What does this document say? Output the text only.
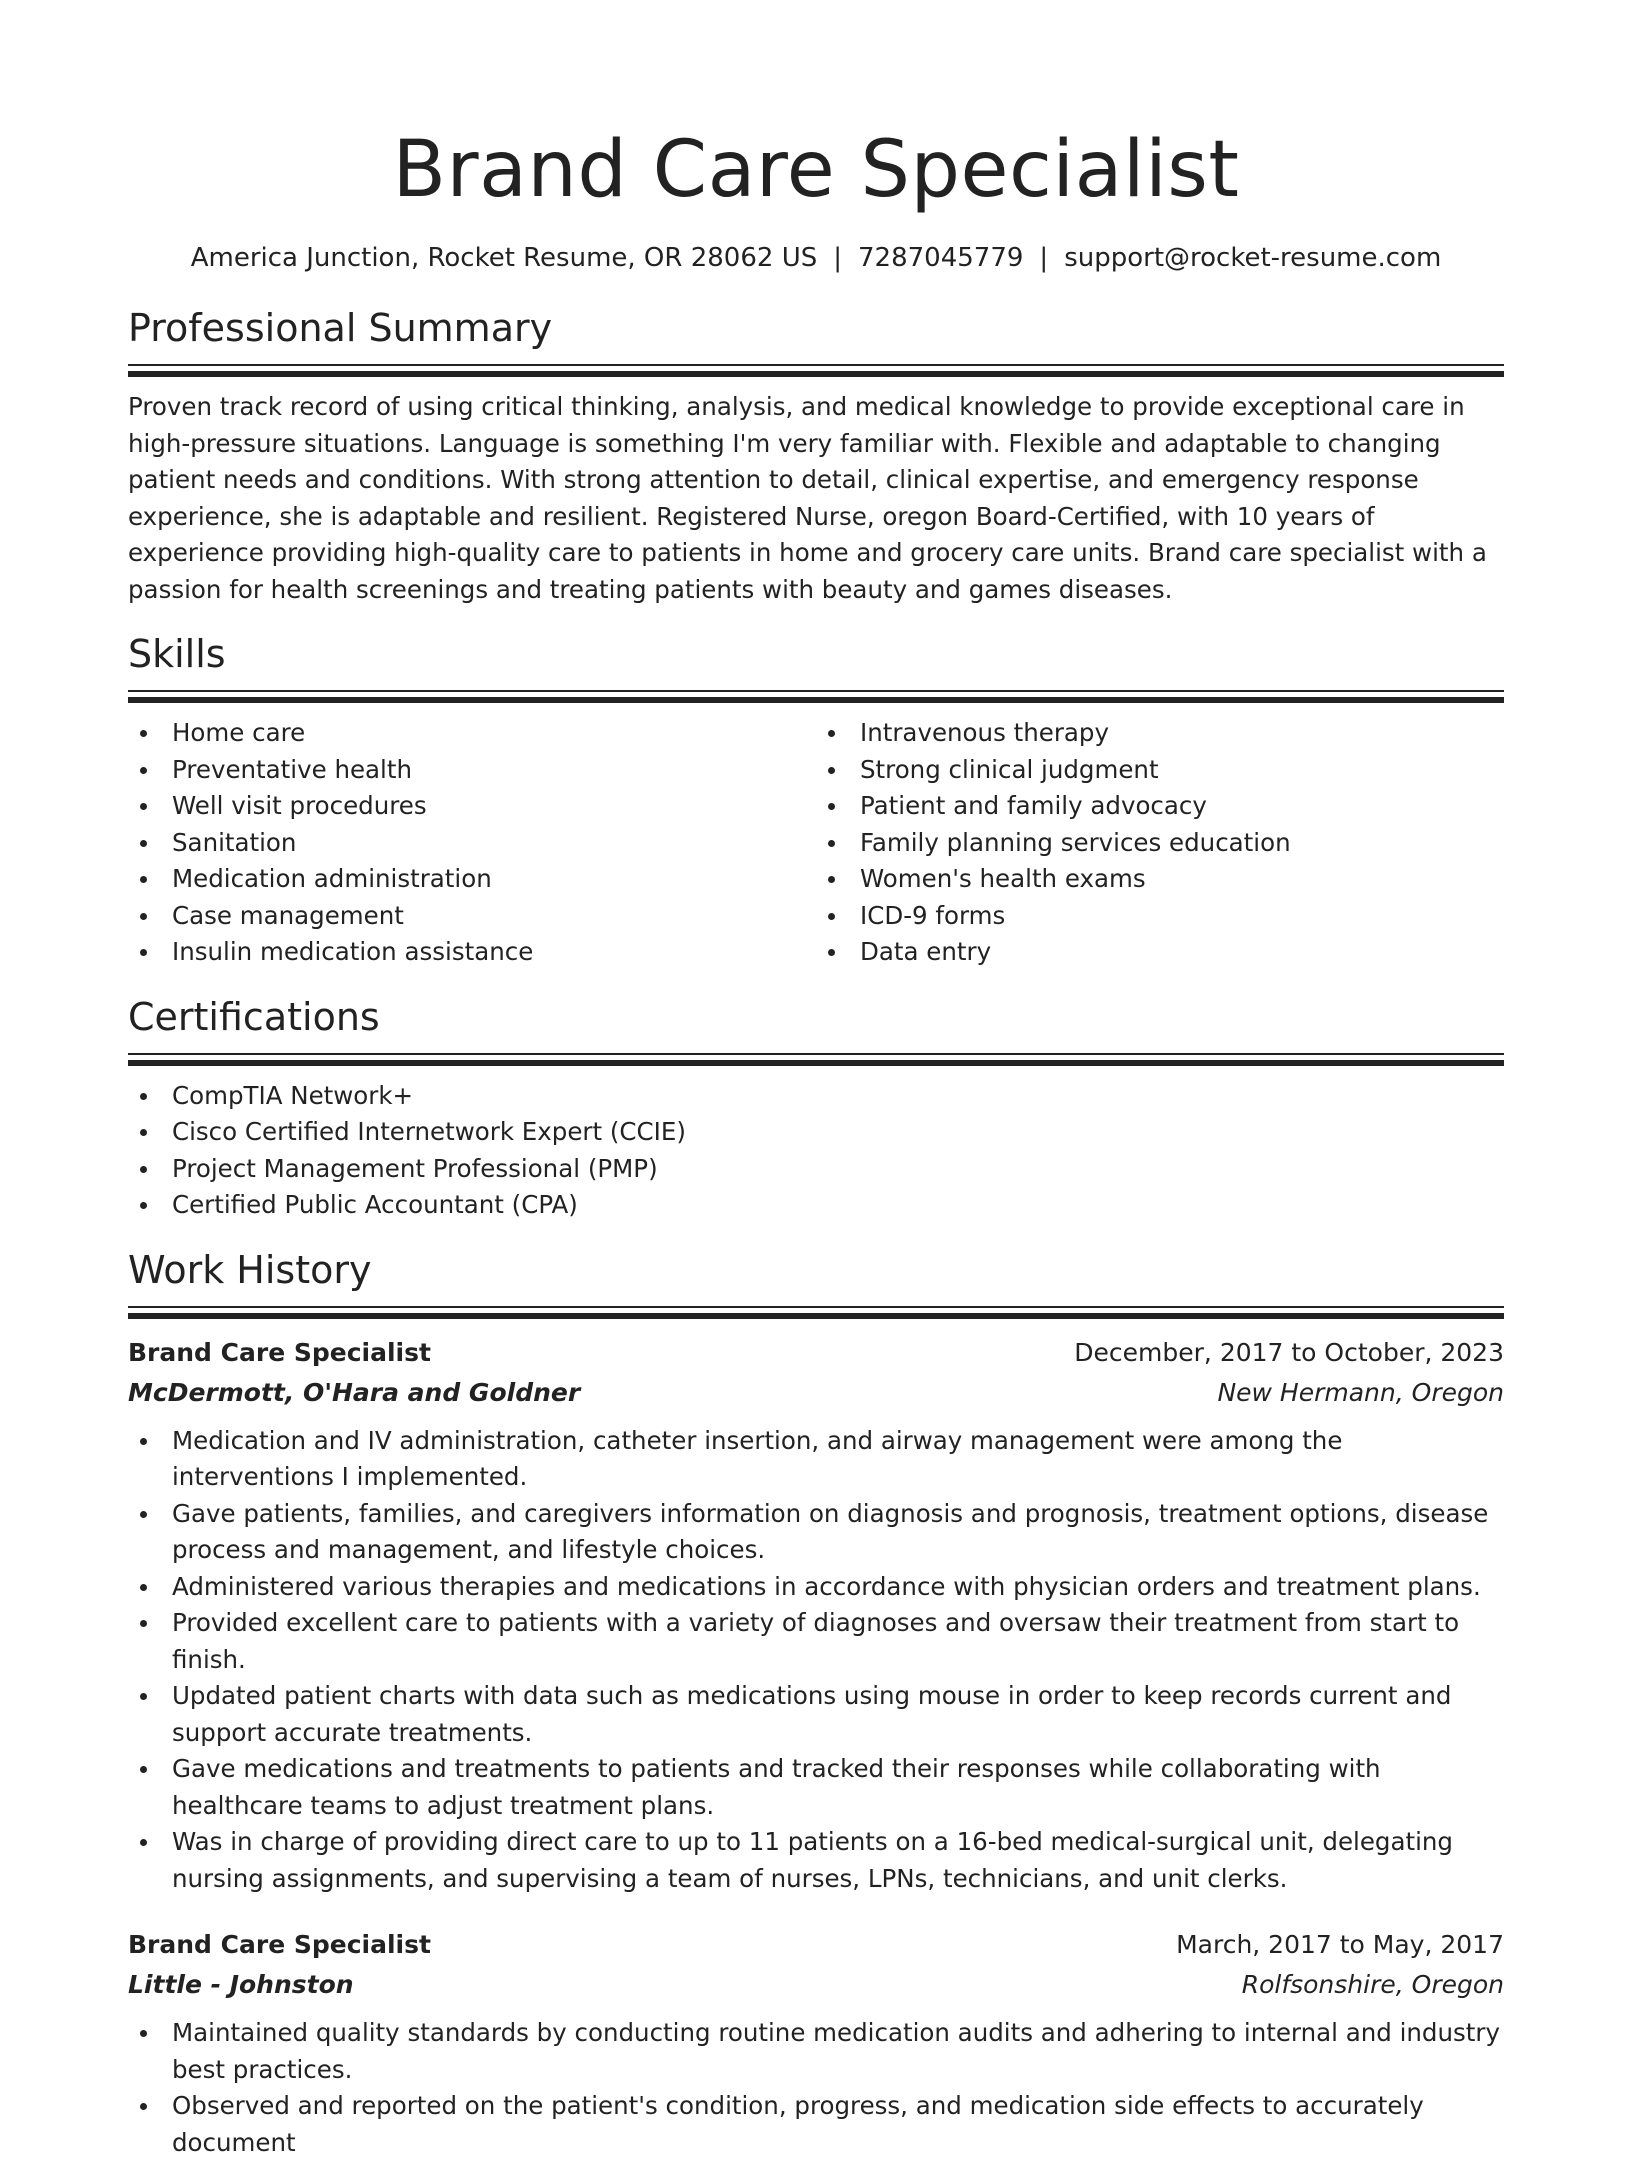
Brand Care Specialist
America Junction, Rocket Resume, OR 28062 US | 7287045779 | support@rocket-resume.com
Professional Summary

Proven track record of using critical thinking, analysis, and medical knowledge to provide exceptional care in high-pressure situations. Language is something I'm very familiar with. Flexible and adaptable to changing patient needs and conditions. With strong attention to detail, clinical expertise, and emergency response experience, she is adaptable and resilient. Registered Nurse, oregon Board-Certified, with 10 years of experience providing high-quality care to patients in home and grocery care units. Brand care specialist with a passion for health screenings and treating patients with beauty and games diseases.

Skills
Home care
Preventative health
Well visit procedures
Sanitation
Medication administration
Case management
Insulin medication assistance
Intravenous therapy
Strong clinical judgment
Patient and family advocacy
Family planning services education
Women's health exams
ICD-9 forms
Data entry
Certifications
CompTIA Network+
Cisco Certified Internetwork Expert (CCIE)
Project Management Professional (PMP)
Certified Public Accountant (CPA)
Work History
Brand Care Specialist	December, 2017 to October, 2023
McDermott, O'Hara and Goldner	New Hermann, Oregon
Medication and IV administration, catheter insertion, and airway management were among the interventions I implemented.
Gave patients, families, and caregivers information on diagnosis and prognosis, treatment options, disease process and management, and lifestyle choices.
Administered various therapies and medications in accordance with physician orders and treatment plans.
Provided excellent care to patients with a variety of diagnoses and oversaw their treatment from start to finish.
Updated patient charts with data such as medications using mouse in order to keep records current and support accurate treatments.
Gave medications and treatments to patients and tracked their responses while collaborating with healthcare teams to adjust treatment plans.
Was in charge of providing direct care to up to 11 patients on a 16-bed medical-surgical unit, delegating nursing assignments, and supervising a team of nurses, LPNs, technicians, and unit clerks.
Brand Care Specialist	March, 2017 to May, 2017
Little - Johnston	Rolfsonshire, Oregon
Maintained quality standards by conducting routine medication audits and adhering to internal and industry best practices.
Observed and reported on the patient's condition, progress, and medication side effects to accurately document
